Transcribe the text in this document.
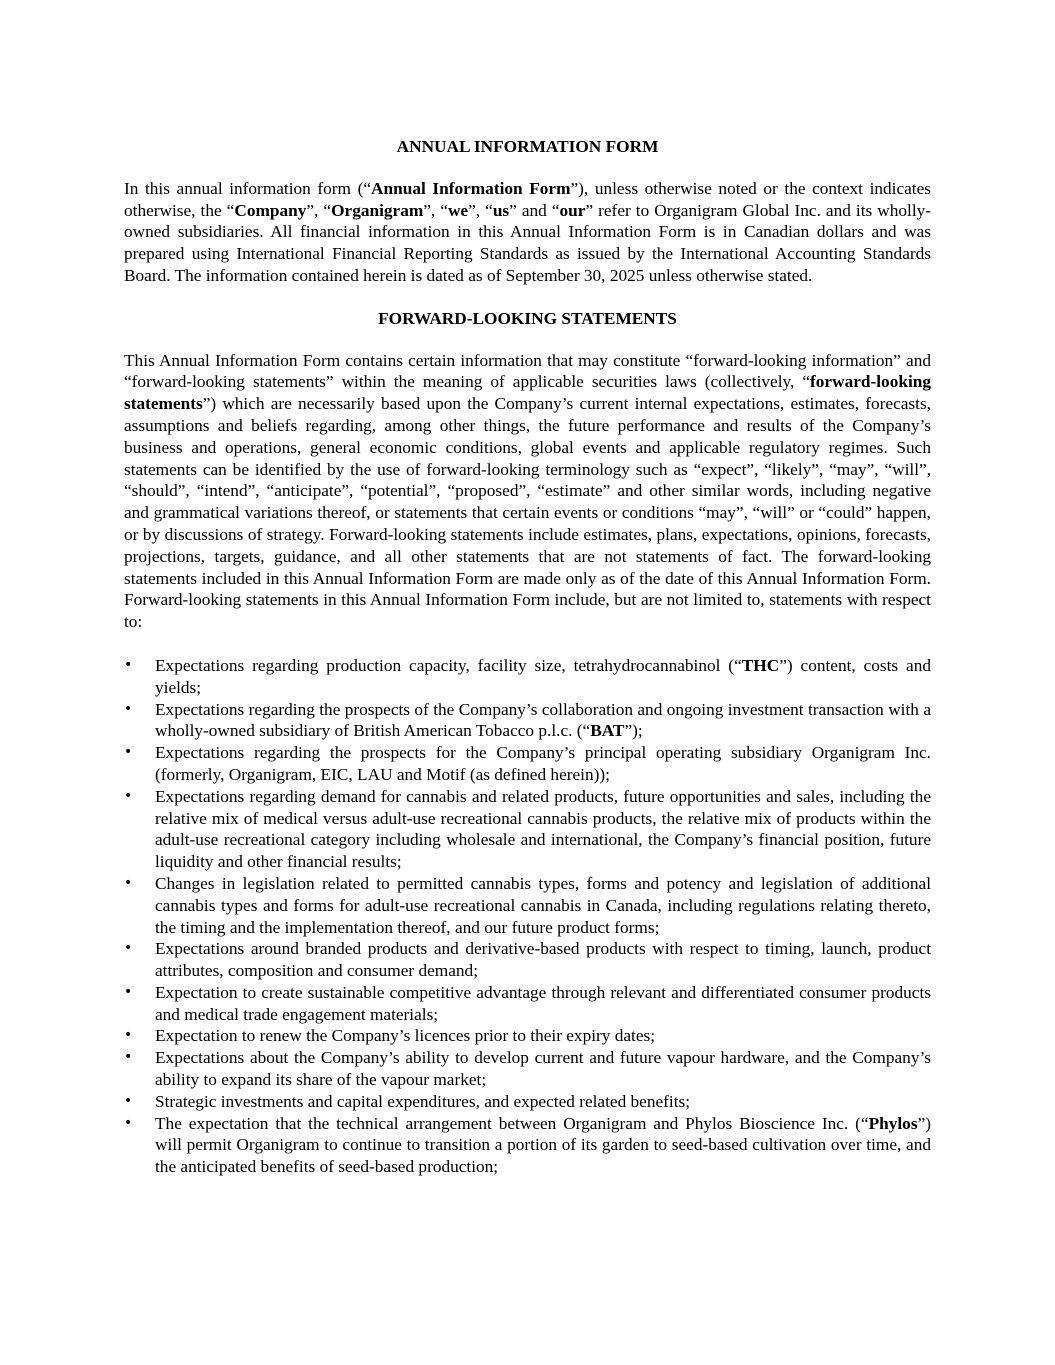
ANNUAL INFORMATION FORM

In this annual information form (“Annual Information Form”), unless otherwise noted or the context indicates otherwise, the “Company”, “Organigram”, “we”, “us” and “our” refer to Organigram Global Inc. and its wholly-owned subsidiaries. All financial information in this Annual Information Form is in Canadian dollars and was prepared using International Financial Reporting Standards as issued by the International Accounting Standards Board. The information contained herein is dated as of September 30, 2025 unless otherwise stated.

FORWARD-LOOKING STATEMENTS

This Annual Information Form contains certain information that may constitute “forward-looking information” and “forward-looking statements” within the meaning of applicable securities laws (collectively, “forward-looking statements”) which are necessarily based upon the Company’s current internal expectations, estimates, forecasts, assumptions and beliefs regarding, among other things, the future performance and results of the Company’s business and operations, general economic conditions, global events and applicable regulatory regimes. Such statements can be identified by the use of forward-looking terminology such as “expect”, “likely”, “may”, “will”, “should”, “intend”, “anticipate”, “potential”, “proposed”, “estimate” and other similar words, including negative and grammatical variations thereof, or statements that certain events or conditions “may”, “will” or “could” happen, or by discussions of strategy. Forward-looking statements include estimates, plans, expectations, opinions, forecasts, projections, targets, guidance, and all other statements that are not statements of fact. The forward-looking statements included in this Annual Information Form are made only as of the date of this Annual Information Form. Forward-looking statements in this Annual Information Form include, but are not limited to, statements with respect to:

• Expectations regarding production capacity, facility size, tetrahydrocannabinol (“THC”) content, costs and yields;
• Expectations regarding the prospects of the Company’s collaboration and ongoing investment transaction with a wholly-owned subsidiary of British American Tobacco p.l.c. (“BAT”);
• Expectations regarding the prospects for the Company’s principal operating subsidiary Organigram Inc. (formerly, Organigram, EIC, LAU and Motif (as defined herein));
• Expectations regarding demand for cannabis and related products, future opportunities and sales, including the relative mix of medical versus adult-use recreational cannabis products, the relative mix of products within the adult-use recreational category including wholesale and international, the Company’s financial position, future liquidity and other financial results;
• Changes in legislation related to permitted cannabis types, forms and potency and legislation of additional cannabis types and forms for adult-use recreational cannabis in Canada, including regulations relating thereto, the timing and the implementation thereof, and our future product forms;
• Expectations around branded products and derivative-based products with respect to timing, launch, product attributes, composition and consumer demand;
• Expectation to create sustainable competitive advantage through relevant and differentiated consumer products and medical trade engagement materials;
• Expectation to renew the Company’s licences prior to their expiry dates;
• Expectations about the Company’s ability to develop current and future vapour hardware, and the Company’s ability to expand its share of the vapour market;
• Strategic investments and capital expenditures, and expected related benefits;
• The expectation that the technical arrangement between Organigram and Phylos Bioscience Inc. (“Phylos”) will permit Organigram to continue to transition a portion of its garden to seed-based cultivation over time, and the anticipated benefits of seed-based production;
